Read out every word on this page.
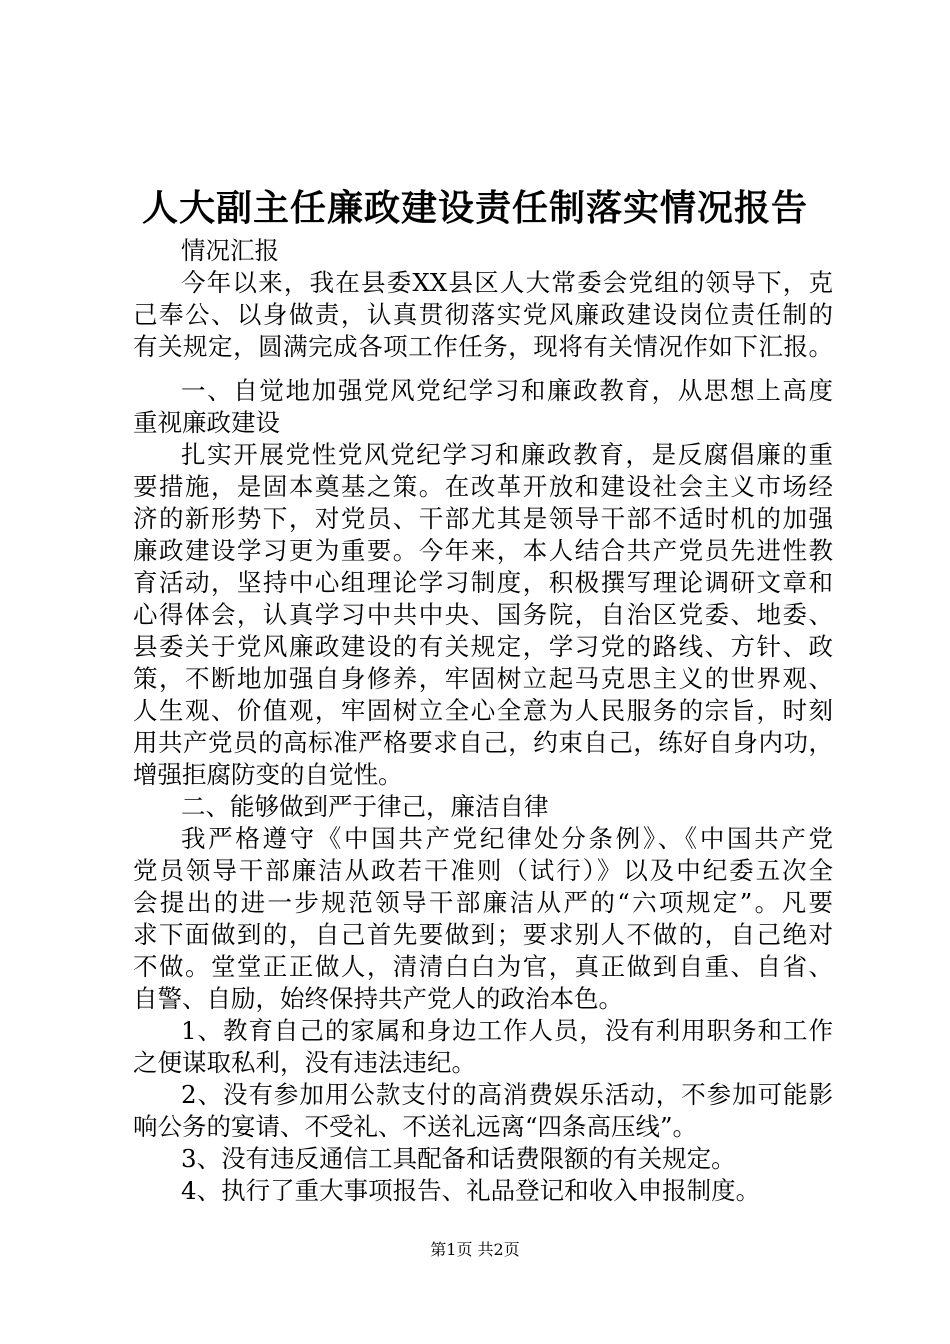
人大副主任廉政建设责任制落实情况报告
情况汇报
今年以来，我在县委XX县区人大常委会党组的领导下，克
己奉公、以身做责，认真贯彻落实党风廉政建设岗位责任制的
有关规定，圆满完成各项工作任务，现将有关情况作如下汇报。
一、自觉地加强党风党纪学习和廉政教育，从思想上高度
重视廉政建设
扎实开展党性党风党纪学习和廉政教育，是反腐倡廉的重
要措施，是固本奠基之策。在改革开放和建设社会主义市场经
济的新形势下，对党员、干部尤其是领导干部不适时机的加强
廉政建设学习更为重要。今年来，本人结合共产党员先进性教
育活动，坚持中心组理论学习制度，积极撰写理论调研文章和
心得体会，认真学习中共中央、国务院，自治区党委、地委、
县委关于党风廉政建设的有关规定，学习党的路线、方针、政
策，不断地加强自身修养，牢固树立起马克思主义的世界观、
人生观、价值观，牢固树立全心全意为人民服务的宗旨，时刻
用共产党员的高标准严格要求自己，约束自己，练好自身内功，
增强拒腐防变的自觉性。
二、能够做到严于律己，廉洁自律
我严格遵守《中国共产党纪律处分条例》、《中国共产党
党员领导干部廉洁从政若干准则（试行）》以及中纪委五次全
会提出的进一步规范领导干部廉洁从严的“六项规定”。凡要
求下面做到的，自己首先要做到；要求别人不做的，自己绝对
不做。堂堂正正做人，清清白白为官，真正做到自重、自省、
自警、自励，始终保持共产党人的政治本色。
1、教育自己的家属和身边工作人员，没有利用职务和工作
之便谋取私利，没有违法违纪。
2、没有参加用公款支付的高消费娱乐活动，不参加可能影
响公务的宴请、不受礼、不送礼远离“四条高压线”。
3、没有违反通信工具配备和话费限额的有关规定。
4、执行了重大事项报告、礼品登记和收入申报制度。
第1页 共2页
